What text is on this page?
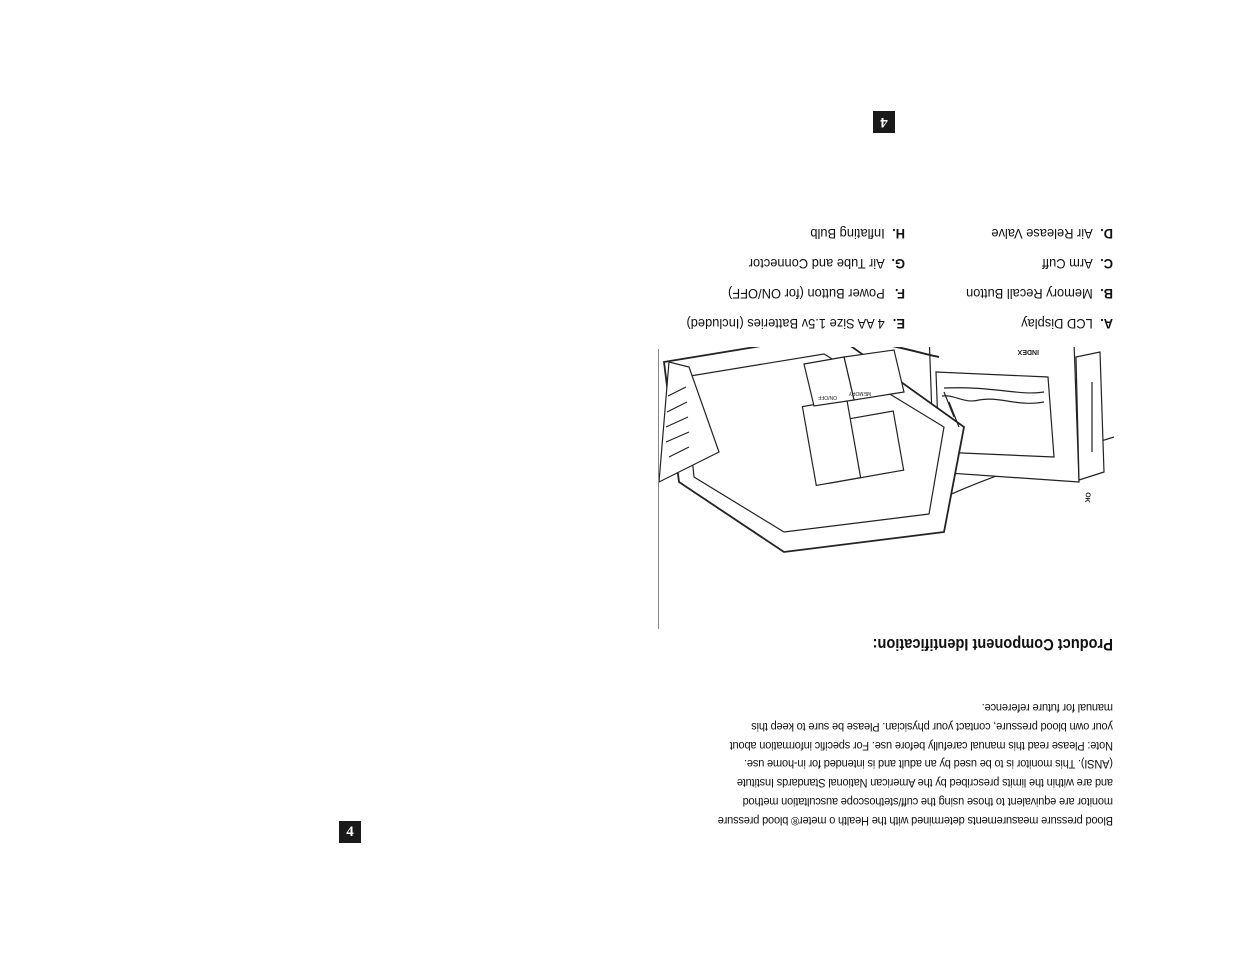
4

Blood pressure measurements determined with the Health o meter® blood pressure

monitor are equivalent to those using the cuff/stethoscope auscultation method

and are within the limits prescribed by the American National Standards Institute

(ANSI). This monitor is to be used by an adult and is intended for in-home use.

Note: Please read this manual carefully before use. For specific information about

your own blood pressure, contact your physician. Please be sure to keep this

manual for future reference.

Product Component Identification:
INDEX
OK
MEMORY
ON/OFF
A.LCD Display
B.Memory Recall Button
C.Arm Cuff
D.Air Release Valve
E.4 AA Size 1.5v Batteries (Included)
F.Power Button (for ON/OFF)
G.Air Tube and Connector
H.Inflating Bulb
4
